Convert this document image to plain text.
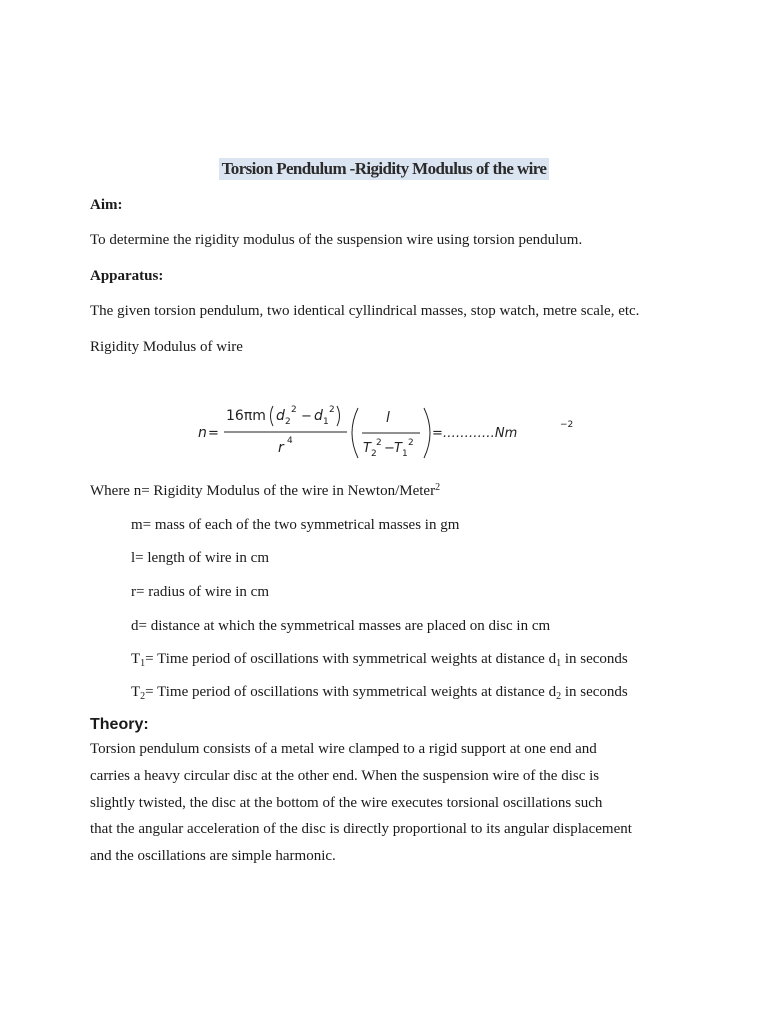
Torsion Pendulum -Rigidity Modulus of the wire
Aim:
To determine the rigidity modulus of the suspension wire using torsion pendulum.
Apparatus:
The given torsion pendulum, two identical cyllindrical masses, stop watch, metre scale, etc.
Rigidity Modulus of wire
n =
16πm d 2
2 − d 1
2
r 4
l
T 2
2 − T 1
2
=…………Nm
−2
Where n= Rigidity Modulus of the wire in Newton/Meter$^2$
m= mass of each of the two symmetrical masses in gm
l= length of wire in cm
r= radius of wire in cm
d= distance at which the symmetrical masses are placed on disc in cm
$T_1=$ Time period of oscillations with symmetrical weights at distance $d_1$ in seconds
$T_2=$ Time period of oscillations with symmetrical weights at distance $d_2$ in seconds
Theory:
Torsion pendulum consists of a metal wire clamped to a rigid support at one end and
carries a heavy circular disc at the other end. When the suspension wire of the disc is
slightly twisted, the disc at the bottom of the wire executes torsional oscillations such
that the angular acceleration of the disc is directly proportional to its angular displacement
and the oscillations are simple harmonic.
